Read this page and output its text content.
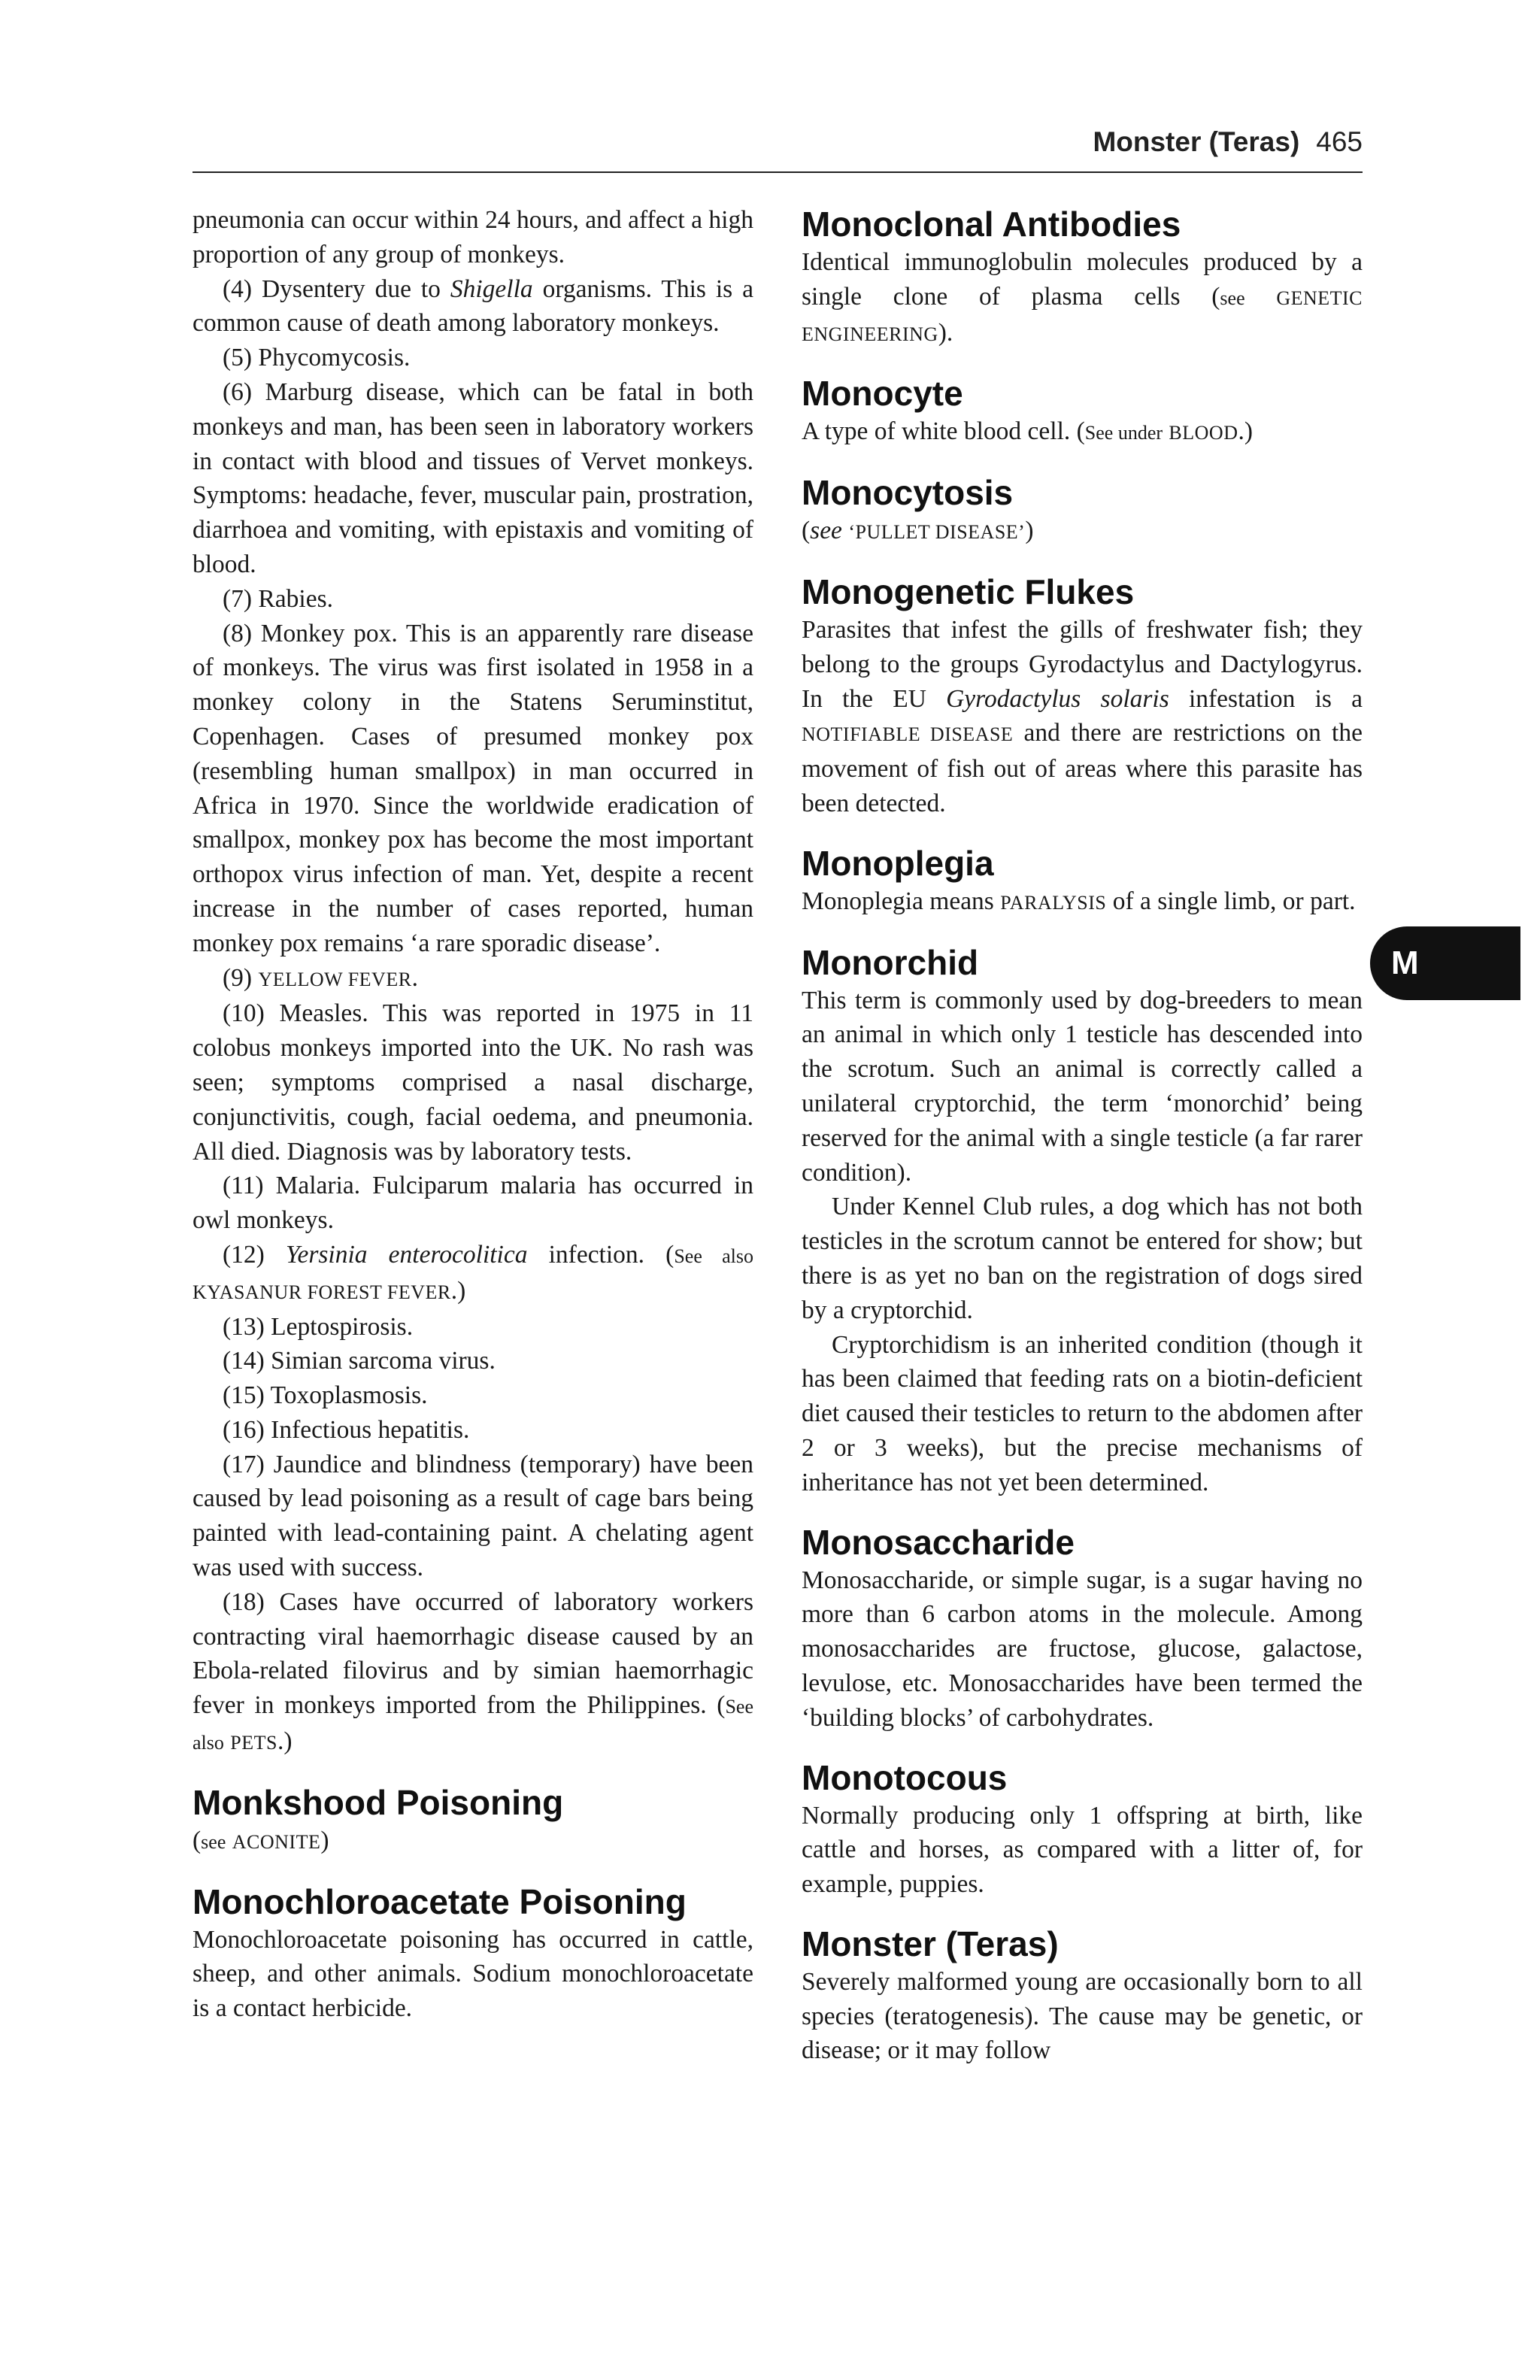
Monster (Teras) 465
M

pneumonia can occur within 24 hours, and affect a high proportion of any group of monkeys.

(4) Dysentery due to Shigella organisms. This is a common cause of death among laboratory monkeys.

(5) Phycomycosis.

(6) Marburg disease, which can be fatal in both monkeys and man, has been seen in laboratory workers in contact with blood and tissues of Vervet monkeys. Symptoms: headache, fever, muscular pain, prostration, diarrhoea and vomiting, with epistaxis and vomiting of blood.

(7) Rabies.

(8) Monkey pox. This is an apparently rare disease of monkeys. The virus was first isolated in 1958 in a monkey colony in the Statens Seruminstitut, Copenhagen. Cases of presumed monkey pox (resembling human smallpox) in man occurred in Africa in 1970. Since the worldwide eradication of smallpox, monkey pox has become the most important orthopox virus infection of man. Yet, despite a recent increase in the number of cases reported, human monkey pox remains ‘a rare sporadic disease’.

(9) YELLOW FEVER.

(10) Measles. This was reported in 1975 in 11 colobus monkeys imported into the UK. No rash was seen; symptoms comprised a nasal discharge, conjunctivitis, cough, facial oedema, and pneumonia. All died. Diagnosis was by laboratory tests.

(11) Malaria. Fulciparum malaria has occurred in owl monkeys.

(12) Yersinia enterocolitica infection. (See also KYASANUR FOREST FEVER.)

(13) Leptospirosis.

(14) Simian sarcoma virus.

(15) Toxoplasmosis.

(16) Infectious hepatitis.

(17) Jaundice and blindness (temporary) have been caused by lead poisoning as a result of cage bars being painted with lead-containing paint. A chelating agent was used with success.

(18) Cases have occurred of laboratory workers contracting viral haemorrhagic disease caused by an Ebola-related filovirus and by simian haemorrhagic fever in monkeys imported from the Philippines. (See also PETS.)

Monkshood Poisoning

(see ACONITE)

Monochloroacetate Poisoning

Monochloroacetate poisoning has occurred in cattle, sheep, and other animals. Sodium monochloroacetate is a contact herbicide.

Monoclonal Antibodies

Identical immunoglobulin molecules produced by a single clone of plasma cells (see GENETIC ENGINEERING).

Monocyte

A type of white blood cell. (See under BLOOD.)

Monocytosis

(see ‘PULLET DISEASE’)

Monogenetic Flukes

Parasites that infest the gills of freshwater fish; they belong to the groups Gyrodactylus and Dactylogyrus. In the EU Gyrodactylus solaris infestation is a NOTIFIABLE DISEASE and there are restrictions on the movement of fish out of areas where this parasite has been detected.

Monoplegia

Monoplegia means PARALYSIS of a single limb, or part.

Monorchid

This term is commonly used by dog-breeders to mean an animal in which only 1 testicle has descended into the scrotum. Such an animal is correctly called a unilateral cryptorchid, the term ‘monorchid’ being reserved for the animal with a single testicle (a far rarer condition).

Under Kennel Club rules, a dog which has not both testicles in the scrotum cannot be entered for show; but there is as yet no ban on the registration of dogs sired by a cryptorchid.

Cryptorchidism is an inherited condition (though it has been claimed that feeding rats on a biotin-deficient diet caused their testicles to return to the abdomen after 2 or 3 weeks), but the precise mechanisms of inheritance has not yet been determined.

Monosaccharide

Monosaccharide, or simple sugar, is a sugar having no more than 6 carbon atoms in the molecule. Among monosaccharides are fructose, glucose, galactose, levulose, etc. Monosaccharides have been termed the ‘building blocks’ of carbohydrates.

Monotocous

Normally producing only 1 offspring at birth, like cattle and horses, as compared with a litter of, for example, puppies.

Monster (Teras)

Severely malformed young are occasionally born to all species (teratogenesis). The cause may be genetic, or disease; or it may follow
